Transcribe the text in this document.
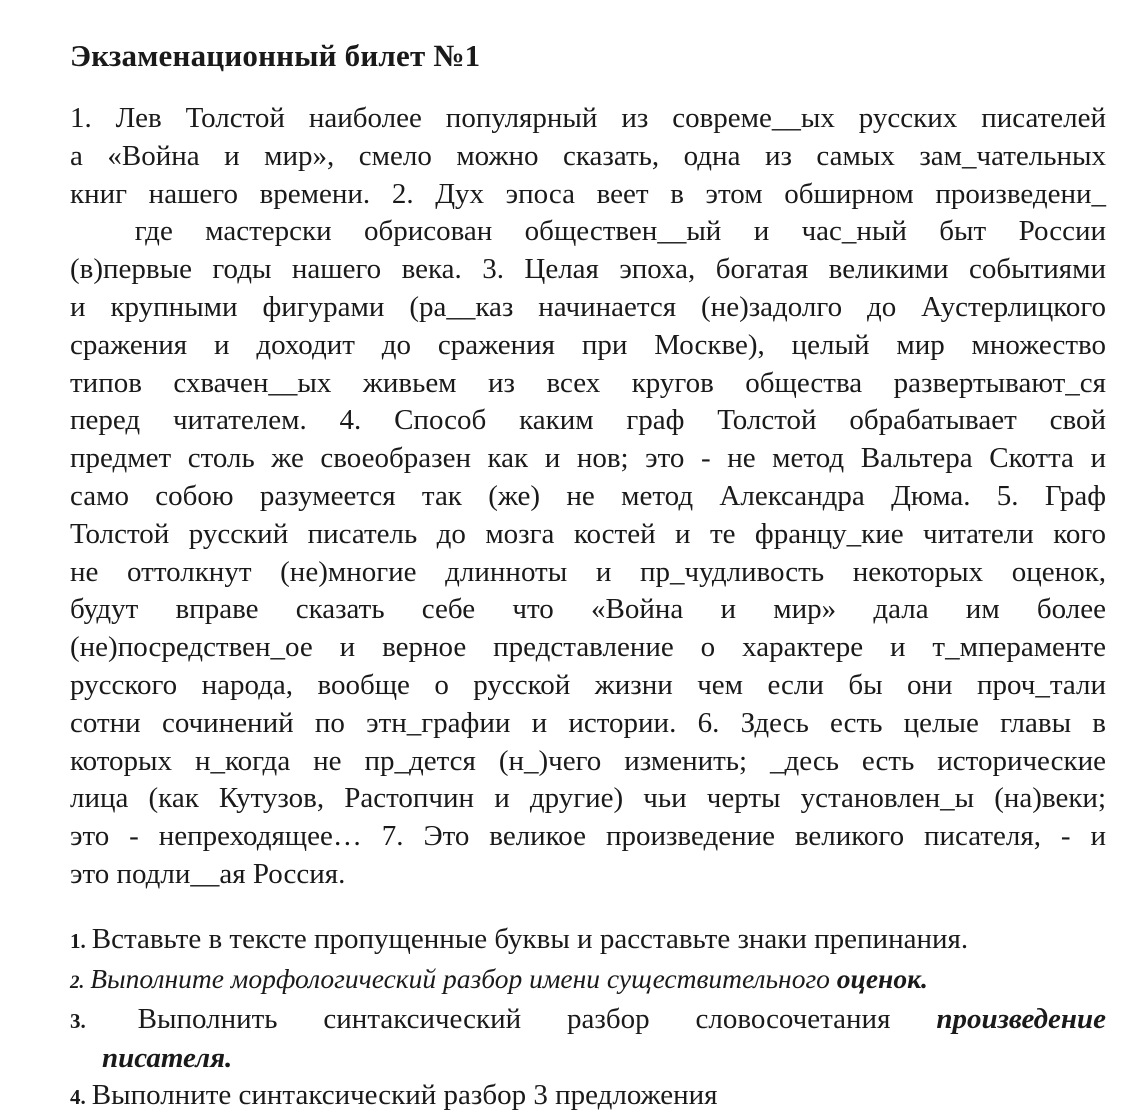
Экзаменационный билет №1
1. Лев Толстой наиболее популярный из совреме__ых русских писателей
а «Война и мир», смело можно сказать, одна из самых зам_чательных
книг нашего времени. 2. Дух эпоса веет в этом обширном произведени_
где мастерски обрисован обществен__ый и час_ный быт России
(в)первые годы нашего века. 3. Целая эпоха, богатая великими событиями
и крупными фигурами (ра__каз начинается (не)задолго до Аустерлицкого
сражения и доходит до сражения при Москве), целый мир множество
типов схвачен__ых живьем из всех кругов общества развертывают_ся
перед читателем. 4. Способ каким граф Толстой обрабатывает свой
предмет столь же своеобразен как и нов; это - не метод Вальтера Скотта и
само собою разумеется так (же) не метод Александра Дюма. 5. Граф
Толстой русский писатель до мозга костей и те францу_кие читатели кого
не оттолкнут (не)многие длинноты и пр_чудливость некоторых оценок,
будут вправе сказать себе что «Война и мир» дала им более
(не)посредствен_ое и верное представление о характере и т_мпераменте
русского народа, вообще о русской жизни чем если бы они проч_тали
сотни сочинений по этн_графии и истории. 6. Здесь есть целые главы в
которых н_когда не пр_дется (н_)чего изменить; _десь есть исторические
лица (как Кутузов, Растопчин и другие) чьи черты установлен_ы (на)веки;
это - непреходящее… 7. Это великое произведение великого писателя, - и
это подли__ая Россия.

1. Вставьте в тексте пропущенные буквы и расставьте знаки препинания.

2. Выполните морфологический разбор имени существительного оценок.

3. Выполнить синтаксический разбор словосочетания произведение
писателя.

4. Выполните синтаксический разбор 3 предложения
